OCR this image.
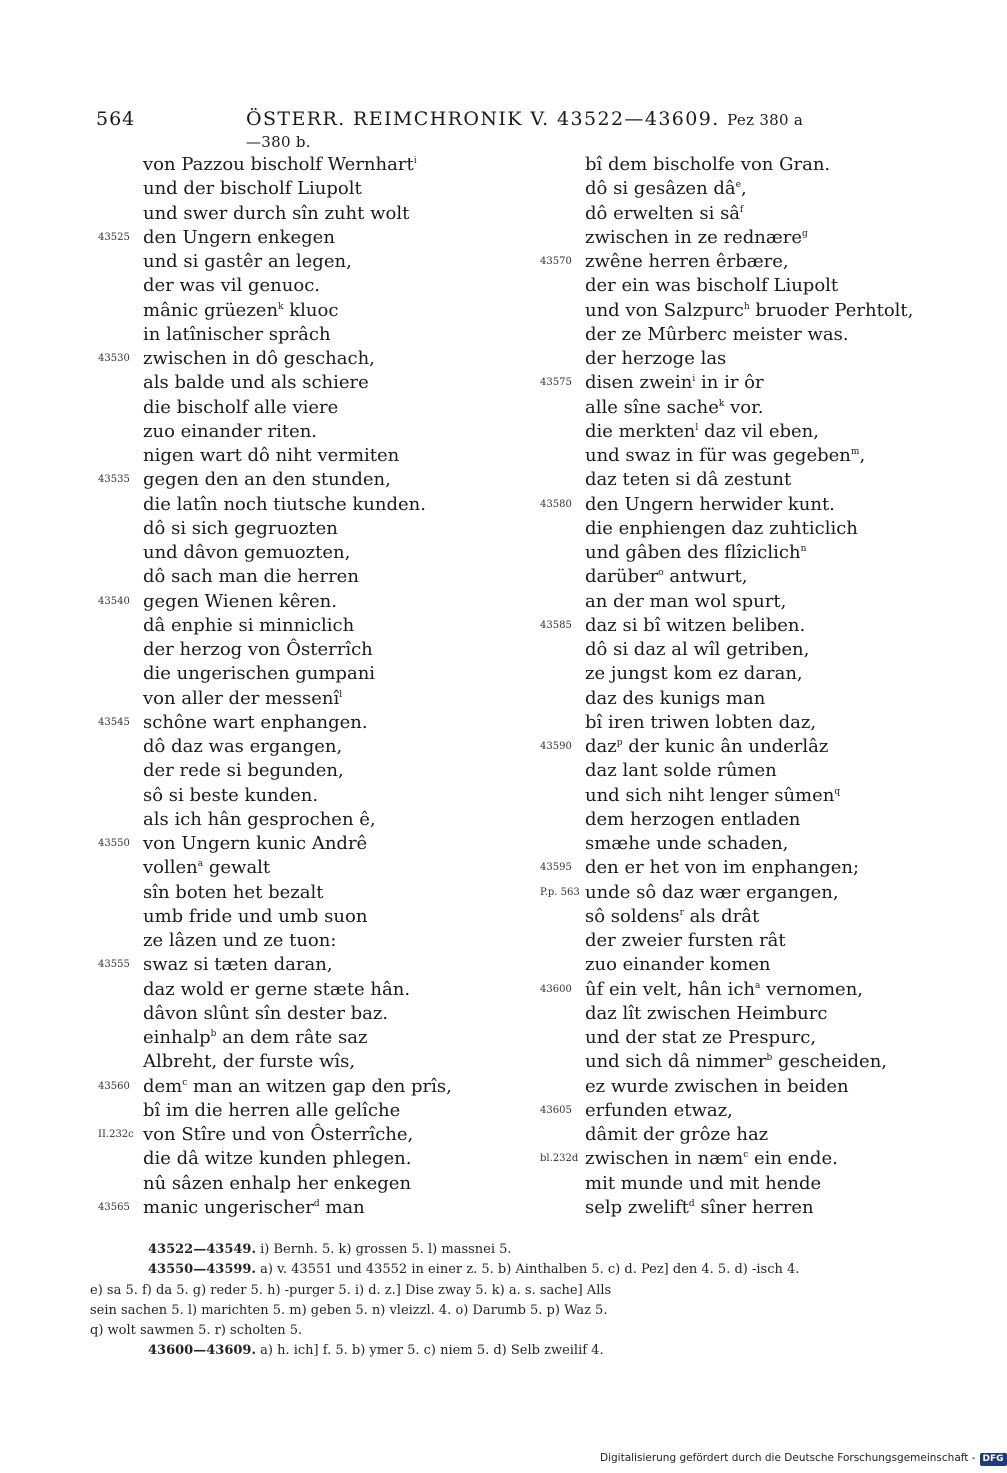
564	ÖSTERR. REIMCHRONIK V. 43522—43609. Pez 380 a—380 b.
von Pazzou bischolf Wernhart$^i$
und der bischolf Liupolt
und swer durch sîn zuht wolt
43525 den Ungern enkegen
und si gastêr an legen,
der was vil genuoc.
mânic grüezen$^k$ kluoc
in latînischer sprâch
43530 zwischen in dô geschach,
als balde und als schiere
die bischolf alle viere
zuo einander riten.
nigen wart dô niht vermiten
43535 gegen den an den stunden,
die latîn noch tiutsche kunden.
dô si sich gegruozten
und dâvon gemuozten,
dô sach man die herren
43540 gegen Wienen kêren.
dâ enphie si minniclich
der herzog von Ôsterrîch
die ungerischen gumpani
von aller der messenî$^l$
43545 schône wart enphangen.
dô daz was ergangen,
der rede si begunden,
sô si beste kunden.
als ich hân gesprochen ê,
43550 von Ungern kunic Andrê
vollen$^a$ gewalt
sîn boten het bezalt
umb fride und umb suon
ze lâzen und ze tuon:
43555 swaz si tæten daran,
daz wold er gerne stæte hân.
dâvon slûnt sîn dester baz.
einhalp$^b$ an dem râte saz
Albreht, der furste wîs,
43560 dem$^c$ man an witzen gap den prîs,
bî im die herren alle gelîche
II.232c von Stîre und von Ôsterrîche,
die dâ witze kunden phlegen.
nû sâzen enhalp her enkegen
43565 manic ungerischer$^d$ man
bî dem bischolfe von Gran.
dô si gesâzen $dâ^e$,
dô erwelten si $sâ^f$
zwischen in ze rednære$^g$
43570 zwêne herren êrbære,
der ein was bischolf Liupolt
und von Salzpurc$^h$ bruoder Perhtolt,
der ze Mûrberc meister was.
der herzoge las
43575 disen zwein$^i$ in ir ôr
alle sîne sache$^k$ vor.
die merkten$^l$ daz vil eben,
und swaz in für was gegeben$^m$,
daz teten si dâ zestunt
43580 den Ungern herwider kunt.
die enphiengen daz zuhticlich
und gâben des flîziclich$^n$
darüber$^o$ antwurt,
an der man wol spurt,
43585 daz si bî witzen beliben.
dô si daz al wîl getriben,
ze jungst kom ez daran,
daz des kunigs man
bî iren triwen lobten daz,
43590 daz$^p$ der kunic ân underlâz
daz lant solde rûmen
und sich niht lenger sûmen$^q$
dem herzogen entladen
smæhe unde schaden,
43595 den er het von im enphangen;
P.p. 563 unde sô daz wær ergangen,
sô soldens$^r$ als drât
der zweier fursten rât
zuo einander komen
43600 ûf ein velt, hân ich$^a$ vernomen,
daz lît zwischen Heimburc
und der stat ze Prespurc,
und sich dâ nimmer$^b$ gescheiden,
ez wurde zwischen in beiden
43605 erfunden etwaz,
dâmit der grôze haz
bl.232d zwischen in næm$^c$ ein ende.
mit munde und mit hende
selp zwelift$^d$ sîner herren
43522—43549. i) Bernh. 5. k) grossen 5. l) massnei 5.
43550—43599. a) v. 43551 und 43552 in einer z. 5. b) Ainthalben 5. c) d. Pez] den 4. 5. d) -isch 4.
e) sa 5. f) da 5. g) reder 5. h) -purger 5. i) d. z.] Dise zway 5. k) a. s. sache] Alls
sein sachen 5. l) marichten 5. m) geben 5. n) vleizzl. 4. o) Darumb 5. p) Waz 5.
q) wolt sawmen 5. r) scholten 5.
43600—43609. a) h. ich] f. 5. b) ymer 5. c) niem 5. d) Selb zweilif 4.
Digitalisierung gefördert durch die Deutsche Forschungsgemeinschaft - DFG
